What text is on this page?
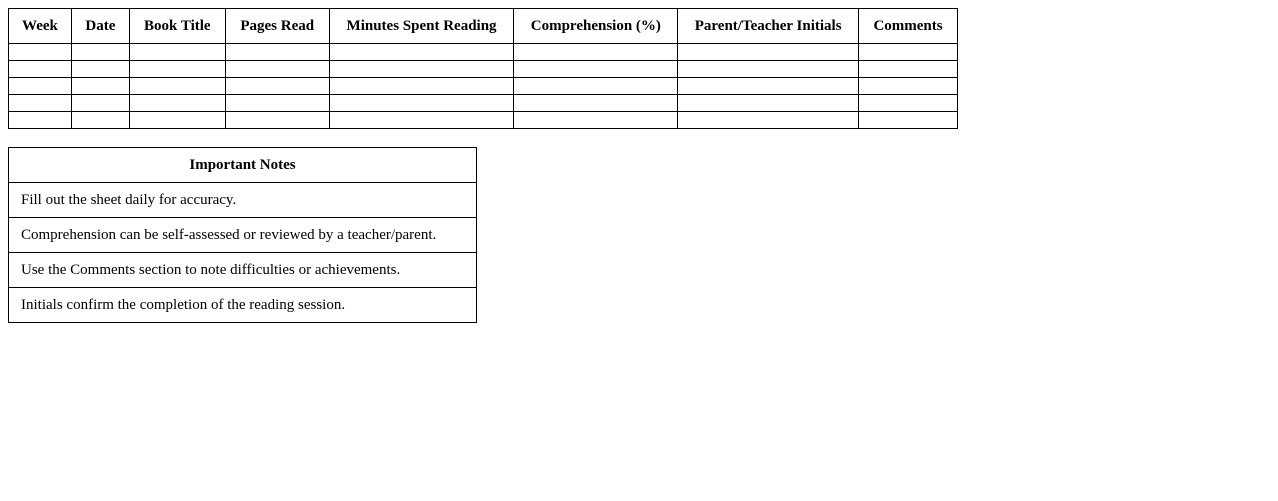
Week	Date	Book Title	Pages Read	Minutes Spent Reading	Comprehension (%)	Parent/Teacher Initials	Comments

Important Notes
Fill out the sheet daily for accuracy.
Comprehension can be self-assessed or reviewed by a teacher/parent.
Use the Comments section to note difficulties or achievements.
Initials confirm the completion of the reading session.
